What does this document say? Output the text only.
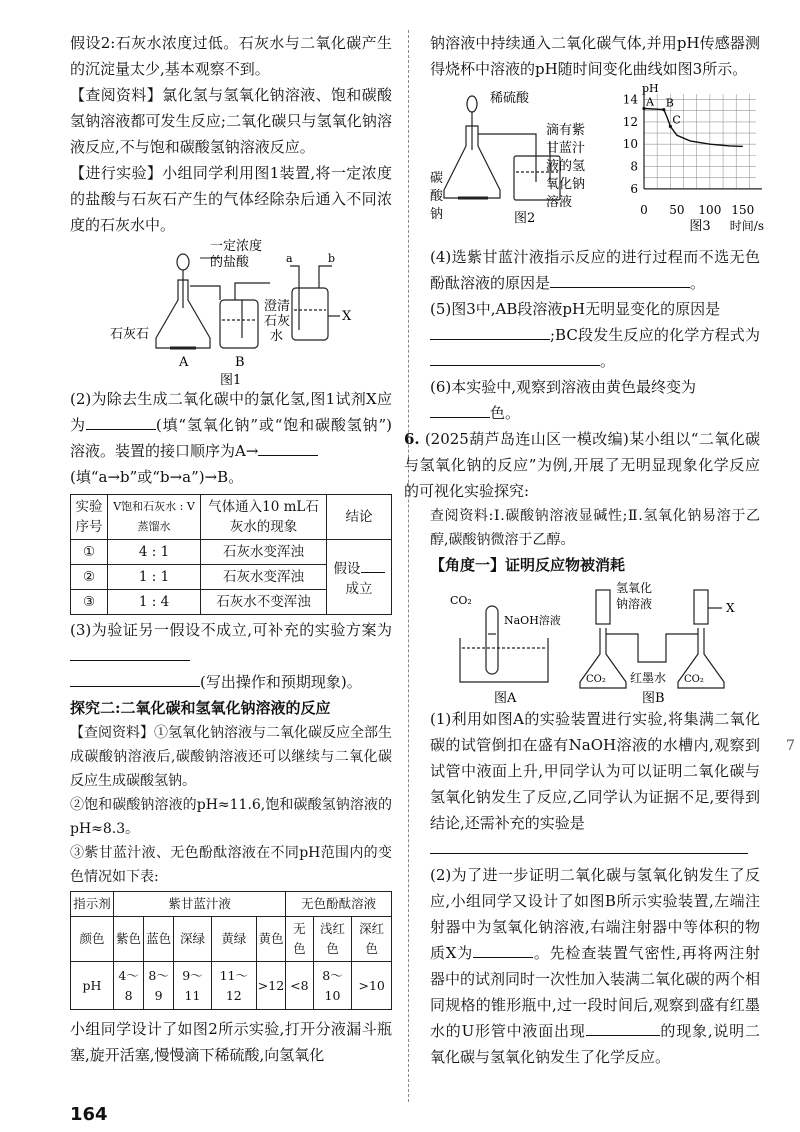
假设2:石灰水浓度过低。石灰水与二氧化碳产生的沉淀量太少,基本观察不到。

【查阅资料】氯化氢与氢氧化钠溶液、饱和碳酸氢钠溶液都可发生反应;二氧化碳只与氢氧化钠溶液反应,不与饱和碳酸氢钠溶液反应。

【进行实验】小组同学利用图1装置,将一定浓度的盐酸与石灰石产生的气体经除杂后通入不同浓度的石灰水中。

一定浓度
的盐酸
石灰石
澄清
石灰
水
a	b
X
A	B
图1

(2)为除去生成二氧化碳中的氯化氢,图1试剂X应为	(填“氢氧化钠”或“饱和碳酸氢钠”)溶液。装置的接口顺序为A→
(填“a→b”或“b→a”)→B。

实验序号	V饱和石灰水 : V蒸馏水	气体通入10 mL石灰水的现象	结论
①	4 : 1	石灰水变浑浊	假设
成立
②	1 : 1	石灰水变浑浊	
③	1 : 4	石灰水不变浑浊	

(3)为验证另一假设不成立,可补充的实验方案为
(写出操作和预期现象)。

探究二:二氧化碳和氢氧化钠溶液的反应

【查阅资料】①氢氧化钠溶液与二氧化碳反应全部生成碳酸钠溶液后,碳酸钠溶液还可以继续与二氧化碳反应生成碳酸氢钠。

②饱和碳酸钠溶液的pH≈11.6,饱和碳酸氢钠溶液的pH≈8.3。

③紫甘蓝汁液、无色酚酞溶液在不同pH范围内的变色情况如下表:

指示剂	紫甘蓝汁液					无色酚酞溶液		
颜色	紫色	蓝色	深绿	黄绿	黄色	无色	浅红色	深红色
pH	4～8	8～9	9～11	11～12	>12	<8	8～10	>10

小组同学设计了如图2所示实验,打开分液漏斗瓶塞,旋开活塞,慢慢滴下稀硫酸,向氢氧化

钠溶液中持续通入二氧化碳气体,并用pH传感器测得烧杯中溶液的pH随时间变化曲线如图3所示。

稀硫酸
碳
酸
钠
滴有紫
甘蓝汁
液的氢
氧化钠
溶液
图2
6
8
10
12
14
0 50 100 150
pH
时间/s
图3
A B
C

(4)选紫甘蓝汁液指示反应的进行过程而不选无色酚酞溶液的原因是	。

(5)图3中,AB段溶液pH无明显变化的原因是
;BC段发生反应的化学方程式为。

(6)本实验中,观察到溶液由黄色最终变为
色。

6. (2025葫芦岛连山区一模改编)某小组以“二氧化碳与氢氧化钠的反应”为例,开展了无明显现象化学反应的可视化实验探究:

查阅资料:Ⅰ.碳酸钠溶液显碱性;Ⅱ.氢氧化钠易溶于乙醇,碳酸钠微溶于乙醇。

【角度一】证明反应物被消耗

CO₂
NaOH溶液
图A
CO₂	CO₂
氢氧化
钠溶液	X
红墨水
图B

(1)利用如图A的实验装置进行实验,将集满二氧化碳的试管倒扣在盛有NaOH溶液的水槽内,观察到试管中液面上升,甲同学认为可以证明二氧化碳与氢氧化钠发生了反应,乙同学认为证据不足,要得到结论,还需补充的实验是

(2)为了进一步证明二氧化碳与氢氧化钠发生了反应,小组同学又设计了如图B所示实验装置,左端注射器中为氢氧化钠溶液,右端注射器中等体积的物质X为	。先检查装置气密性,再将两注射器中的试剂同时一次性加入装满二氧化碳的两个相同规格的锥形瓶中,过一段时间后,观察到盛有红墨水的U形管中液面出现	的现象,说明二氧化碳与氢氧化钠发生了化学反应。

164
7
